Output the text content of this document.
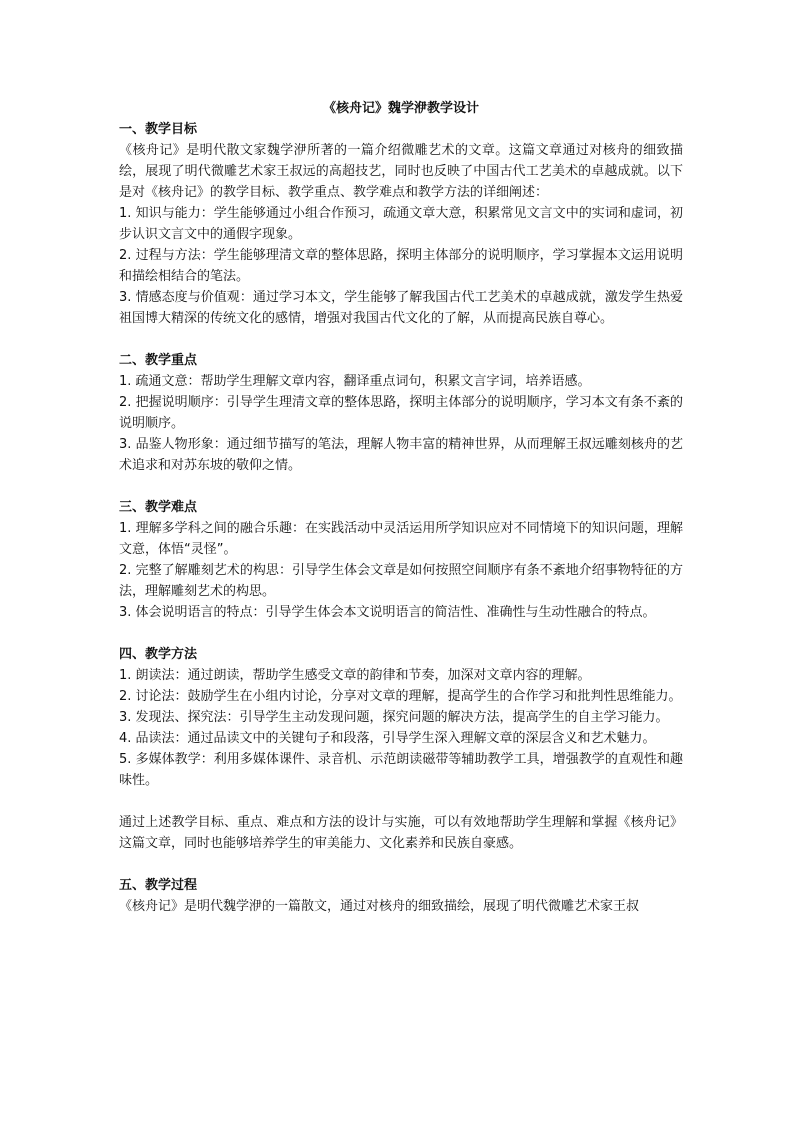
《核舟记》魏学洢教学设计

一、教学目标

《核舟记》是明代散文家魏学洢所著的一篇介绍微雕艺术的文章。这篇文章通过对核舟的细致描绘，展现了明代微雕艺术家王叔远的高超技艺，同时也反映了中国古代工艺美术的卓越成就。以下是对《核舟记》的教学目标、教学重点、教学难点和教学方法的详细阐述：

1. 知识与能力：学生能够通过小组合作预习，疏通文章大意，积累常见文言文中的实词和虚词，初步认识文言文中的通假字现象。

2. 过程与方法：学生能够理清文章的整体思路，探明主体部分的说明顺序，学习掌握本文运用说明和描绘相结合的笔法。

3. 情感态度与价值观：通过学习本文，学生能够了解我国古代工艺美术的卓越成就，激发学生热爱祖国博大精深的传统文化的感情，增强对我国古代文化的了解，从而提高民族自尊心。

二、教学重点

1. 疏通文意：帮助学生理解文章内容，翻译重点词句，积累文言字词，培养语感。

2. 把握说明顺序：引导学生理清文章的整体思路，探明主体部分的说明顺序，学习本文有条不紊的说明顺序。

3. 品鉴人物形象：通过细节描写的笔法，理解人物丰富的精神世界，从而理解王叔远雕刻核舟的艺术追求和对苏东坡的敬仰之情。

三、教学难点

1. 理解多学科之间的融合乐趣：在实践活动中灵活运用所学知识应对不同情境下的知识问题，理解文意，体悟“灵怪”。

2. 完整了解雕刻艺术的构思：引导学生体会文章是如何按照空间顺序有条不紊地介绍事物特征的方法，理解雕刻艺术的构思。

3. 体会说明语言的特点：引导学生体会本文说明语言的简洁性、准确性与生动性融合的特点。

四、教学方法

1. 朗读法：通过朗读，帮助学生感受文章的韵律和节奏，加深对文章内容的理解。

2. 讨论法：鼓励学生在小组内讨论，分享对文章的理解，提高学生的合作学习和批判性思维能力。

3. 发现法、探究法：引导学生主动发现问题，探究问题的解决方法，提高学生的自主学习能力。

4. 品读法：通过品读文中的关键句子和段落，引导学生深入理解文章的深层含义和艺术魅力。

5. 多媒体教学：利用多媒体课件、录音机、示范朗读磁带等辅助教学工具，增强教学的直观性和趣味性。

通过上述教学目标、重点、难点和方法的设计与实施，可以有效地帮助学生理解和掌握《核舟记》这篇文章，同时也能够培养学生的审美能力、文化素养和民族自豪感。

五、教学过程

《核舟记》是明代魏学洢的一篇散文，通过对核舟的细致描绘，展现了明代微雕艺术家王叔
